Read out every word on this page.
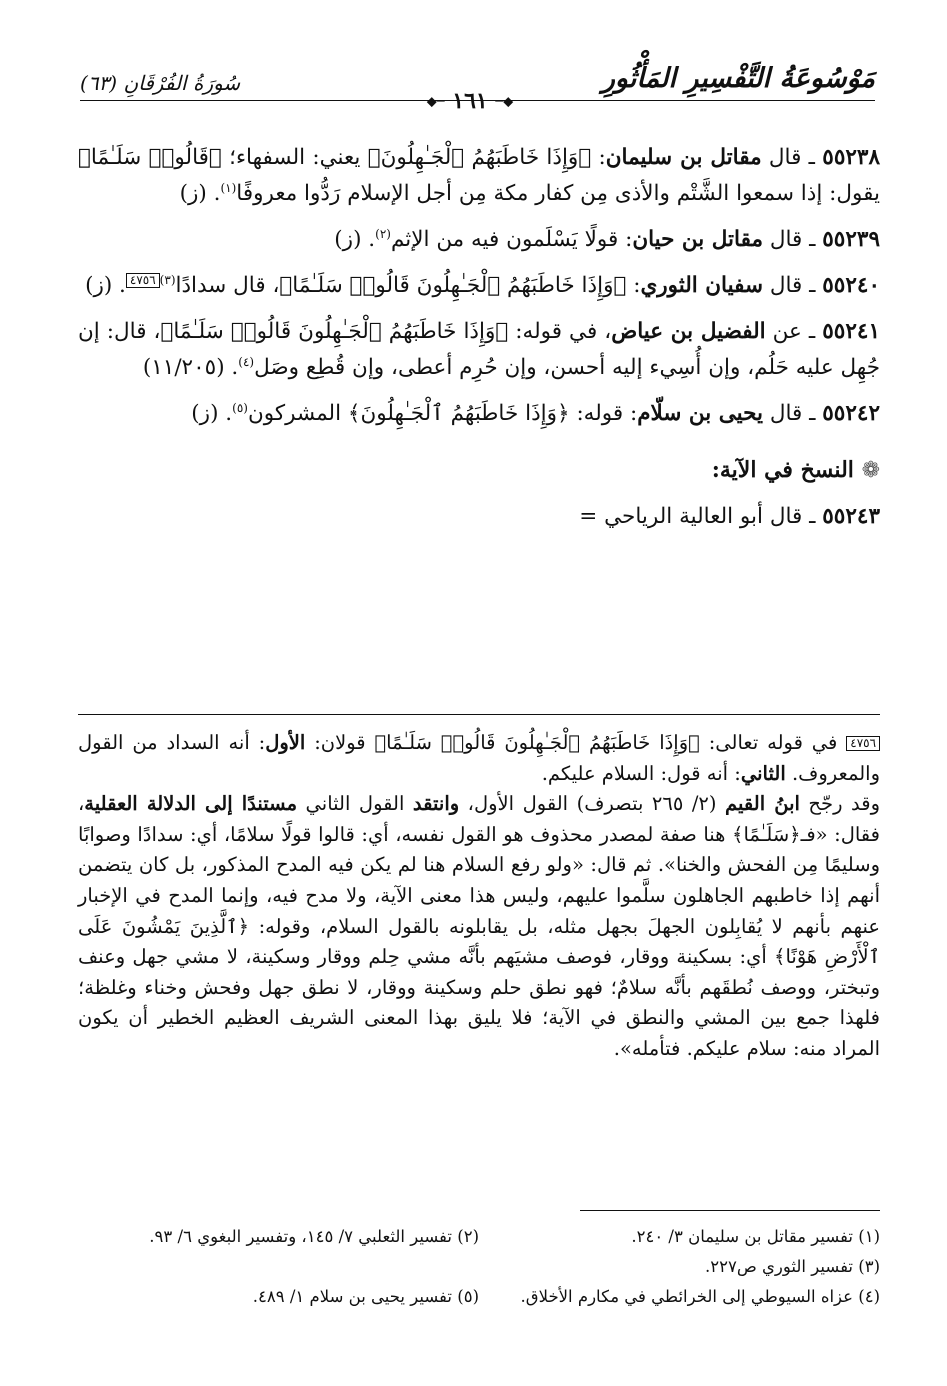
مَوْسُوعَةُ التَّفْسِيرِ المَأْثُورِ
سُورَةُ الفُرْقَانِ (٦٣)
◆─ ١٦١ ─◆

٥٥٢٣٨ ـ قال مقاتل بن سليمان: ﴿وَإِذَا خَاطَبَهُمُ ٱلْجَـٰهِلُونَ﴾ يعني: السفهاء؛ ﴿قَالُوا۟ سَلَـٰمًا﴾ يقول: إذا سمعوا الشَّتْم والأذى مِن كفار مكة مِن أجل الإسلام رَدُّوا معروفًا$^{(١)}$. (ز)

٥٥٢٣٩ ـ قال مقاتل بن حيان: قولًا يَسْلَمون فيه من الإثم$^{(٢)}$. (ز)

٥٥٢٤٠ ـ قال سفيان الثوري: ﴿وَإِذَا خَاطَبَهُمُ ٱلْجَـٰهِلُونَ قَالُوا۟ سَلَـٰمًا﴾، قال سدادًا$^{(٣)}$٤٧٥٦. (ز)

٥٥٢٤١ ـ عن الفضيل بن عياض، في قوله: ﴿وَإِذَا خَاطَبَهُمُ ٱلْجَـٰهِلُونَ قَالُوا۟ سَلَـٰمًا﴾، قال: إن جُهِل عليه حَلُم، وإن أُسِيء إليه أحسن، وإن حُرِم أعطى، وإن قُطِع وصَل$^{(٤)}$. (١١/٢٠٥)

٥٥٢٤٢ ـ قال يحيى بن سلّام: قوله: ﴿وَإِذَا خَاطَبَهُمُ ٱلْجَـٰهِلُونَ﴾ المشركون$^{(٥)}$. (ز)

❁ النسخ في الآية:

٥٥٢٤٣ ـ قال أبو العالية الرياحي =

٤٧٥٦ في قوله تعالى: ﴿وَإِذَا خَاطَبَهُمُ ٱلْجَـٰهِلُونَ قَالُوا۟ سَلَـٰمًا﴾ قولان: الأول: أنه السداد من القول والمعروف. الثاني: أنه قول: السلام عليكم.

وقد رجّح ابنُ القيم (٢/ ٢٦٥ بتصرف) القول الأول، وانتقد القول الثاني مستندًا إلى الدلالة العقلية، فقال: «فـ﴿سَلَـٰمًا﴾ هنا صفة لمصدر محذوف هو القول نفسه، أي: قالوا قولًا سلامًا، أي: سدادًا وصوابًا وسليمًا مِن الفحش والخنا». ثم قال: «ولو رفع السلام هنا لم يكن فيه المدح المذكور، بل كان يتضمن أنهم إذا خاطبهم الجاهلون سلَّموا عليهم، وليس هذا معنى الآية، ولا مدح فيه، وإنما المدح في الإخبار عنهم بأنهم لا يُقابِلون الجهلَ بجهل مثله، بل يقابلونه بالقول السلام، وقوله: ﴿ٱلَّذِينَ يَمْشُونَ عَلَى ٱلْأَرْضِ هَوْنًا﴾ أي: بسكينة ووقار، فوصف مشيَهم بأنَّه مشي حِلم ووقار وسكينة، لا مشي جهل وعنف وتبختر، ووصف نُطقَهم بأنَّه سلامٌ؛ فهو نطق حلم وسكينة ووقار، لا نطق جهل وفحش وخناء وغلظة؛ فلهذا جمع بين المشي والنطق في الآية؛ فلا يليق بهذا المعنى الشريف العظيم الخطير أن يكون المراد منه: سلام عليكم. فتأمله».

(١) تفسير مقاتل بن سليمان ٣/ ٢٤٠.
(٢) تفسير الثعلبي ٧/ ١٤٥، وتفسير البغوي ٦/ ٩٣.
(٣) تفسير الثوري ص٢٢٧.
(٤) عزاه السيوطي إلى الخرائطي في مكارم الأخلاق.
(٥) تفسير يحيى بن سلام ١/ ٤٨٩.
